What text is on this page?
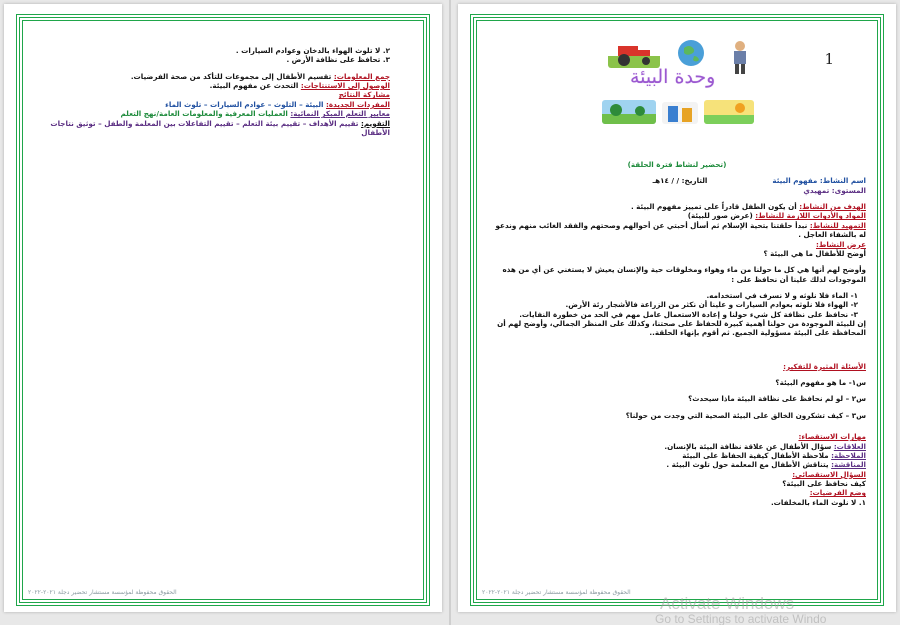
٢. لا تلوث الهواء بالدخان وعوادم السيارات .
٣. تحافظ على نظافة الأرض .
جمع المعلومات: تقسيم الأطفال إلى مجموعات للتأكد من صحة الفرضيات.
الوصول إلى الاستنتاجات: التحدث عن مفهوم البيئة.
مشاركة النتائج
المفردات الجديدة: البيئة – التلوث – عوادم السيارات – تلوث الماء
معايير التعلم المبكر النمائية: العمليات المعرفية والمعلومات العامة/نهج التعلم
التقويم: تقييم الأهداف – تقييم بيئة التعلم – تقييم التفاعلات بين المعلمة والطفل – توثيق نتاجات الأطفال
الحقوق محفوظة لمؤسسة مستشار تحضير دجلة ٢٠٢١-٢٠٢٢
1
وحدة البيئة
(تحضير لنشاط فترة الحلقة)
اسم النشاط: مفهوم البيئة  التاريخ: / / ١٤هـ
المستوى: تمهيدي
الهدف من النشاط: أن يكون الطفل قادراً على تمييز مفهوم البيئة .
المواد والأدوات اللازمة للنشاط: (عرض صور للبيئة)
التمهيد للنشاط: نبدأ حلقتنا بتحية الإسلام ثم أسأل أحبتي عن أحوالهم وصحتهم والفقد الغائب منهم وندعو له بالشفاء العاجل .
عرض النشاط:
أوضح للأطفال ما هي البيئة ؟
وأوضح لهم أنها هي كل ما حولنا من ماء وهواء ومخلوقات حية والإنسان يعيش لا يستغني عن أي من هذه الموجودات لذلك علينا أن نحافظ على :
١- الماء فلا نلوثه و لا نسرف في استخدامه.
٢- الهواء فلا نلوثه بعوادم السيارات و علينا أن نكثر من الزراعة فالأشجار رئة الأرض.
٣- نحافظ على نظافة كل شيء حولنا و إعادة الاستعمال عامل مهم في الحد من خطورة النفايات.
إن للبيئة الموجودة من حولنا أهمية كبيرة للحفاظ على صحتنا، وكذلك على المنظر الجمالي، وأوضح لهم أن المحافظة على البيئة مسؤولية الجميع. ثم أقوم بإنهاء الحلقة..
الأسئلة المثيرة للتفكير:
س١- ما هو مفهوم البيئة؟
س٢ – لو لم نحافظ على نظافة البيئة ماذا سيحدث؟
س٣ – كيف تشكرون الخالق على البيئة الصحية التي وجدت من حولنا؟
مهارات الاستقصاء:
العلاقات: سؤال الأطفال عن علاقة نظافة البيئة بالإنسان.
الملاحظة: ملاحظة الأطفال كيفية الحفاظ على البيئة
المناقشة: يتناقش الأطفال مع المعلمة حول تلوث البيئة .
السؤال الاستقصائي:
كيف نحافظ على البيئة؟
وضع الفرضيات:
١. لا نلوث الماء بالمخلفات.
الحقوق محفوظة لمؤسسة مستشار تحضير دجلة ٢٠٢١-٢٠٢٢
Activate Windows
Go to Settings to activate Windo
